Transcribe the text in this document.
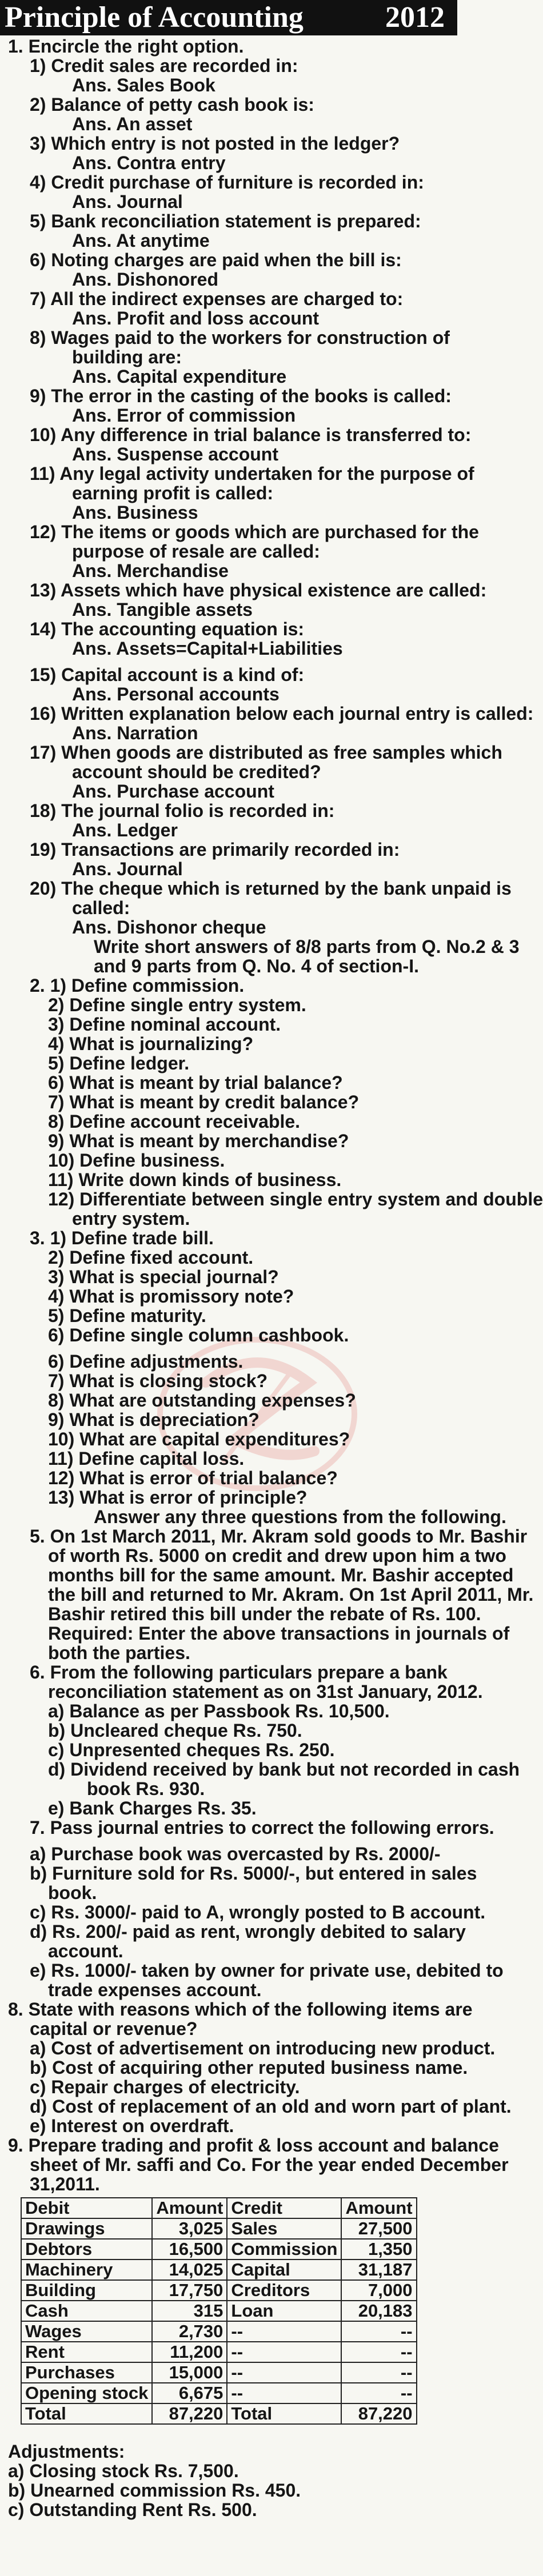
Principle of Accounting	2012
1. Encircle the right option.
1) Credit sales are recorded in:
Ans. Sales Book
2) Balance of petty cash book is:
Ans. An asset
3) Which entry is not posted in the ledger?
Ans. Contra entry
4) Credit purchase of furniture is recorded in:
Ans. Journal
5) Bank reconciliation statement is prepared:
Ans. At anytime
6) Noting charges are paid when the bill is:
Ans. Dishonored
7) All the indirect expenses are charged to:
Ans. Profit and loss account
8) Wages paid to the workers for construction of
building are:
Ans. Capital expenditure
9) The error in the casting of the books is called:
Ans. Error of commission
10) Any difference in trial balance is transferred to:
Ans. Suspense account
11) Any legal activity undertaken for the purpose of
earning profit is called:
Ans. Business
12) The items or goods which are purchased for the
purpose of resale are called:
Ans. Merchandise
13) Assets which have physical existence are called:
Ans. Tangible assets
14) The accounting equation is:
Ans. Assets=Capital+Liabilities
15) Capital account is a kind of:
Ans. Personal accounts
16) Written explanation below each journal entry is called:
Ans. Narration
17) When goods are distributed as free samples which
account should be credited?
Ans. Purchase account
18) The journal folio is recorded in:
Ans. Ledger
19) Transactions are primarily recorded in:
Ans. Journal
20) The cheque which is returned by the bank unpaid is
called:
Ans. Dishonor cheque
Write short answers of 8/8 parts from Q. No.2 & 3
and 9 parts from Q. No. 4 of section-I.
2. 1) Define commission.
2) Define single entry system.
3) Define nominal account.
4) What is journalizing?
5) Define ledger.
6) What is meant by trial balance?
7) What is meant by credit balance?
8) Define account receivable.
9) What is meant by merchandise?
10) Define business.
11) Write down kinds of business.
12) Differentiate between single entry system and double
entry system.
3. 1) Define trade bill.
2) Define fixed account.
3) What is special journal?
4) What is promissory note?
5) Define maturity.
6) Define single column cashbook.
6) Define adjustments.
7) What is closing stock?
8) What are outstanding expenses?
9) What is depreciation?
10) What are capital expenditures?
11) Define capital loss.
12) What is error of trial balance?
13) What is error of principle?
Answer any three questions from the following.
5. On 1st March 2011, Mr. Akram sold goods to Mr. Bashir
of worth Rs. 5000 on credit and drew upon him a two
months bill for the same amount. Mr. Bashir accepted
the bill and returned to Mr. Akram. On 1st April 2011, Mr.
Bashir retired this bill under the rebate of Rs. 100.
Required: Enter the above transactions in journals of
both the parties.
6. From the following particulars prepare a bank
reconciliation statement as on 31st January, 2012.
a) Balance as per Passbook Rs. 10,500.
b) Uncleared cheque Rs. 750.
c) Unpresented cheques Rs. 250.
d) Dividend received by bank but not recorded in cash
book Rs. 930.
e) Bank Charges Rs. 35.
7. Pass journal entries to correct the following errors.
a) Purchase book was overcasted by Rs. 2000/-
b) Furniture sold for Rs. 5000/-, but entered in sales
book.
c) Rs. 3000/- paid to A, wrongly posted to B account.
d) Rs. 200/- paid as rent, wrongly debited to salary
account.
e) Rs. 1000/- taken by owner for private use, debited to
trade expenses account.
8. State with reasons which of the following items are
capital or revenue?
a) Cost of advertisement on introducing new product.
b) Cost of acquiring other reputed business name.
c) Repair charges of electricity.
d) Cost of replacement of an old and worn part of plant.
e) Interest on overdraft.
9. Prepare trading and profit & loss account and balance
sheet of Mr. saffi and Co. For the year ended December
31,2011.
Debit	Amount	Credit	Amount
Drawings	3,025	Sales	27,500
Debtors	16,500	Commission	1,350
Machinery	14,025	Capital	31,187
Building	17,750	Creditors	7,000
Cash	315	Loan	20,183
Wages	2,730	--	--
Rent	11,200	--	--
Purchases	15,000	--	--
Opening stock	6,675	--	--
Total	87,220	Total	87,220
Adjustments:
a) Closing stock Rs. 7,500.
b) Unearned commission Rs. 450.
c) Outstanding Rent Rs. 500.
